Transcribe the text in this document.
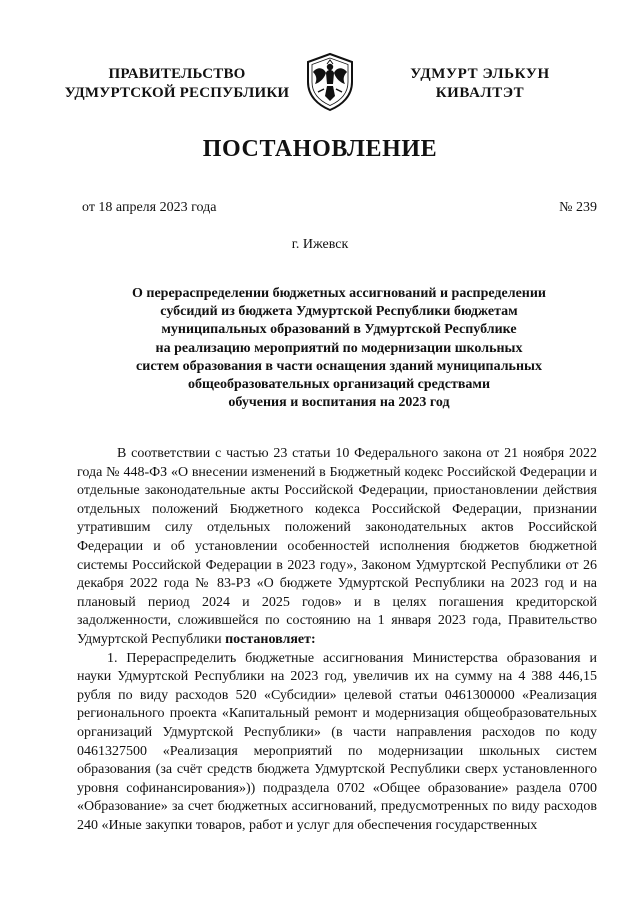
ПРАВИТЕЛЬСТВО
УДМУРТСКОЙ РЕСПУБЛИКИ
УДМУРТ ЭЛЬКУН
КИВАЛТЭТ
ПОСТАНОВЛЕНИЕ
от 18 апреля 2023 года	№ 239
г. Ижевск
О перераспределении бюджетных ассигнований и распределении
субсидий из бюджета Удмуртской Республики бюджетам
муниципальных образований в Удмуртской Республике
на реализацию мероприятий по модернизации школьных
систем образования в части оснащения зданий муниципальных
общеобразовательных организаций средствами
обучения и воспитания на 2023 год

В соответствии с частью 23 статьи 10 Федерального закона от 21 ноября 2022 года № 448-ФЗ «О внесении изменений в Бюджетный кодекс Российской Федерации и отдельные законодательные акты Российской Федерации, приостановлении действия отдельных положений Бюджетного кодекса Российской Федерации, признании утратившим силу отдельных положений законодательных актов Российской Федерации и об установлении особенностей исполнения бюджетов бюджетной системы Российской Федерации в 2023 году», Законом Удмуртской Республики от 26 декабря 2022 года № 83-РЗ «О бюджете Удмуртской Республики на 2023 год и на плановый период 2024 и 2025 годов» и в целях погашения кредиторской задолженности, сложившейся по состоянию на 1 января 2023 года, Правительство Удмуртской Республики постановляет:

1. Перераспределить бюджетные ассигнования Министерства образования и науки Удмуртской Республики на 2023 год, увеличив их на сумму на 4 388 446,15 рубля по виду расходов 520 «Субсидии» целевой статьи 0461300000 «Реализация регионального проекта «Капитальный ремонт и модернизация общеобразовательных организаций Удмуртской Республики» (в части направления расходов по коду 0461327500 «Реализация мероприятий по модернизации школьных систем образования (за счёт средств бюджета Удмуртской Республики сверх установленного уровня софинансирования»)) подраздела 0702 «Общее образование» раздела 0700 «Образование» за счет бюджетных ассигнований, предусмотренных по виду расходов 240 «Иные закупки товаров, работ и услуг для обеспечения государственных
